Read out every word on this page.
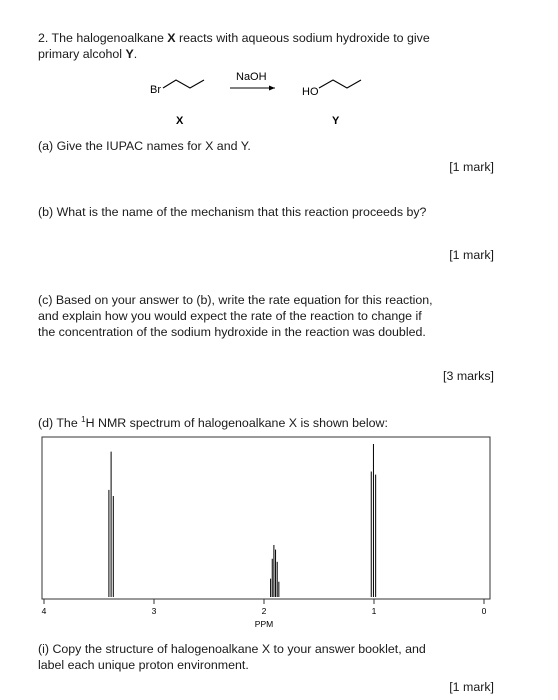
2. The halogenoalkane X reacts with aqueous sodium hydroxide to give
primary alcohol Y.
Br
NaOH
HO
X	Y
(a) Give the IUPAC names for X and Y.
[1 mark]
(b) What is the name of the mechanism that this reaction proceeds by?
[1 mark]
(c) Based on your answer to (b), write the rate equation for this reaction,
and explain how you would expect the rate of the reaction to change if
the concentration of the sodium hydroxide in the reaction was doubled.
[3 marks]
(d) The $^1$H NMR spectrum of halogenoalkane X is shown below:
4	3	2	1	0
PPM
(i) Copy the structure of halogenoalkane X to your answer booklet, and
label each unique proton environment.
[1 mark]
